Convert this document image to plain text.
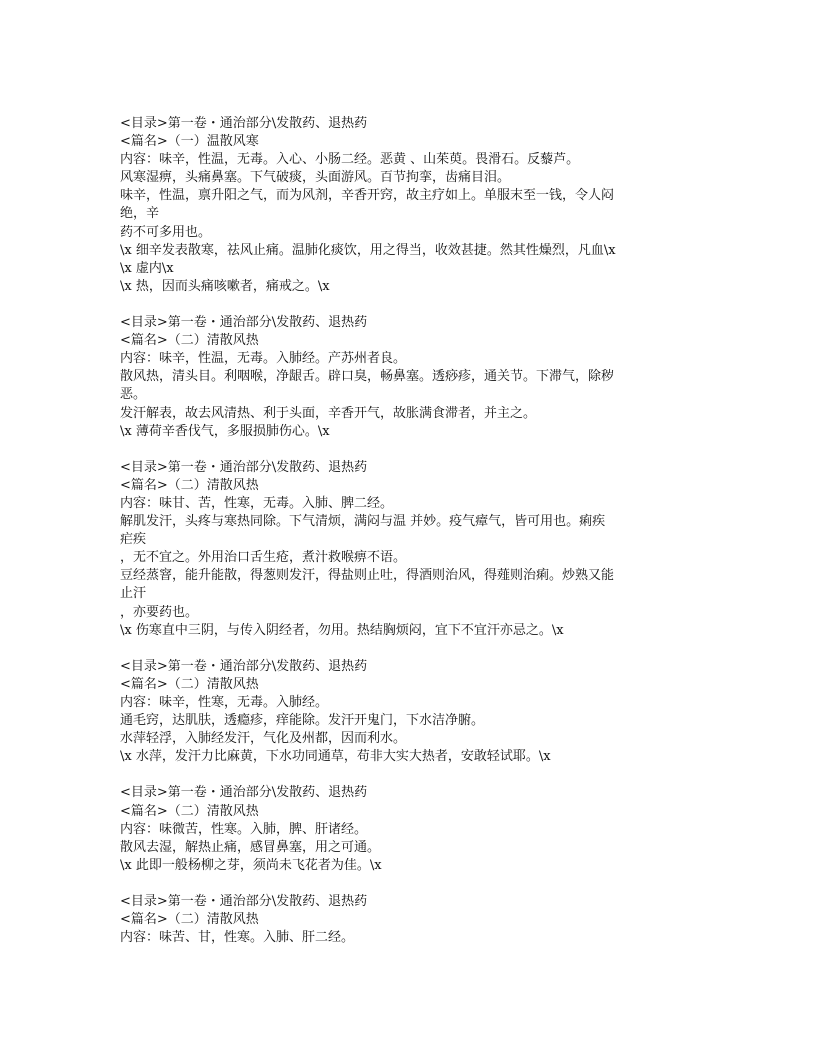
<目录>第一卷・通治部分\发散药、退热药
<篇名>（一）温散风寒
内容：味辛，性温，无毒。入心、小肠二经。恶黄 、山茱萸。畏滑石。反藜芦。
风寒湿痹，头痛鼻塞。下气破痰，头面游风。百节拘挛，齿痛目泪。
味辛，性温，禀升阳之气，而为风剂，辛香开窍，故主疗如上。单服末至一钱，令人闷
绝，辛
药不可多用也。
\x 细辛发表散寒，祛风止痛。温肺化痰饮，用之得当，收效甚捷。然其性燥烈，凡血\x
\x 虚内\x
\x 热，因而头痛咳嗽者，痛戒之。\x
<目录>第一卷・通治部分\发散药、退热药
<篇名>（二）清散风热
内容：味辛，性温，无毒。入肺经。产苏州者良。
散风热，清头目。利咽喉，净龈舌。辟口臭，畅鼻塞。透痧疹，通关节。下滞气，除秽
恶。
发汗解表，故去风清热、利于头面，辛香开气，故胀满食滞者，并主之。
\x 薄荷辛香伐气，多服损肺伤心。\x
<目录>第一卷・通治部分\发散药、退热药
<篇名>（二）清散风热
内容：味甘、苦，性寒，无毒。入肺、脾二经。
解肌发汗，头疼与寒热同除。下气清烦，满闷与温 并妙。疫气瘴气，皆可用也。痢疾
疟疾
，无不宜之。外用治口舌生疮，煮汁救喉痹不语。
豆经蒸窨，能升能散，得葱则发汗，得盐则止吐，得酒则治风，得薤则治痢。炒熟又能
止汗
，亦要药也。
\x 伤寒直中三阴，与传入阴经者，勿用。热结胸烦闷，宜下不宜汗亦忌之。\x
<目录>第一卷・通治部分\发散药、退热药
<篇名>（二）清散风热
内容：味辛，性寒，无毒。入肺经。
通毛窍，达肌肤，透瘾疹，痒能除。发汗开鬼门，下水洁净腑。
水萍轻浮，入肺经发汗，气化及州都，因而利水。
\x 水萍，发汗力比麻黄，下水功同通草，苟非大实大热者，安敢轻试耶。\x
<目录>第一卷・通治部分\发散药、退热药
<篇名>（二）清散风热
内容：味微苦，性寒。入肺，脾、肝诸经。
散风去湿，解热止痛，感冒鼻塞，用之可通。
\x 此即一般杨柳之芽，须尚未飞花者为佳。\x
<目录>第一卷・通治部分\发散药、退热药
<篇名>（二）清散风热
内容：味苦、甘，性寒。入肺、肝二经。
